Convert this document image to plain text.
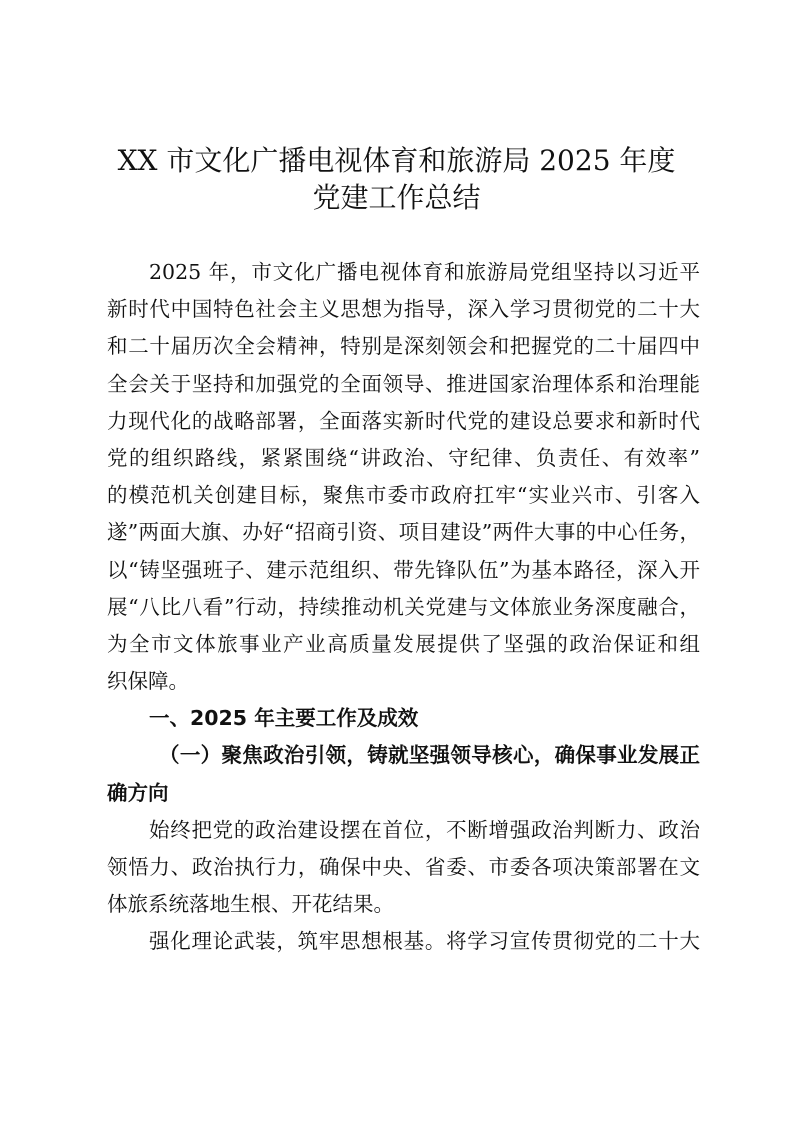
XX 市文化广播电视体育和旅游局 2025 年度
党建工作总结
2025 年，市文化广播电视体育和旅游局党组坚持以习近平
新时代中国特色社会主义思想为指导，深入学习贯彻党的二十大
和二十届历次全会精神，特别是深刻领会和把握党的二十届四中
全会关于坚持和加强党的全面领导、推进国家治理体系和治理能
力现代化的战略部署，全面落实新时代党的建设总要求和新时代
党的组织路线，紧紧围绕“讲政治、守纪律、负责任、有效率”
的模范机关创建目标，聚焦市委市政府扛牢“实业兴市、引客入
遂”两面大旗、办好“招商引资、项目建设”两件大事的中心任务，
以“铸坚强班子、建示范组织、带先锋队伍”为基本路径，深入开
展“八比八看”行动，持续推动机关党建与文体旅业务深度融合，
为全市文体旅事业产业高质量发展提供了坚强的政治保证和组
织保障。
一、2025 年主要工作及成效
（一）聚焦政治引领，铸就坚强领导核心，确保事业发展正
确方向
始终把党的政治建设摆在首位，不断增强政治判断力、政治
领悟力、政治执行力，确保中央、省委、市委各项决策部署在文
体旅系统落地生根、开花结果。
强化理论武装，筑牢思想根基。将学习宣传贯彻党的二十大
